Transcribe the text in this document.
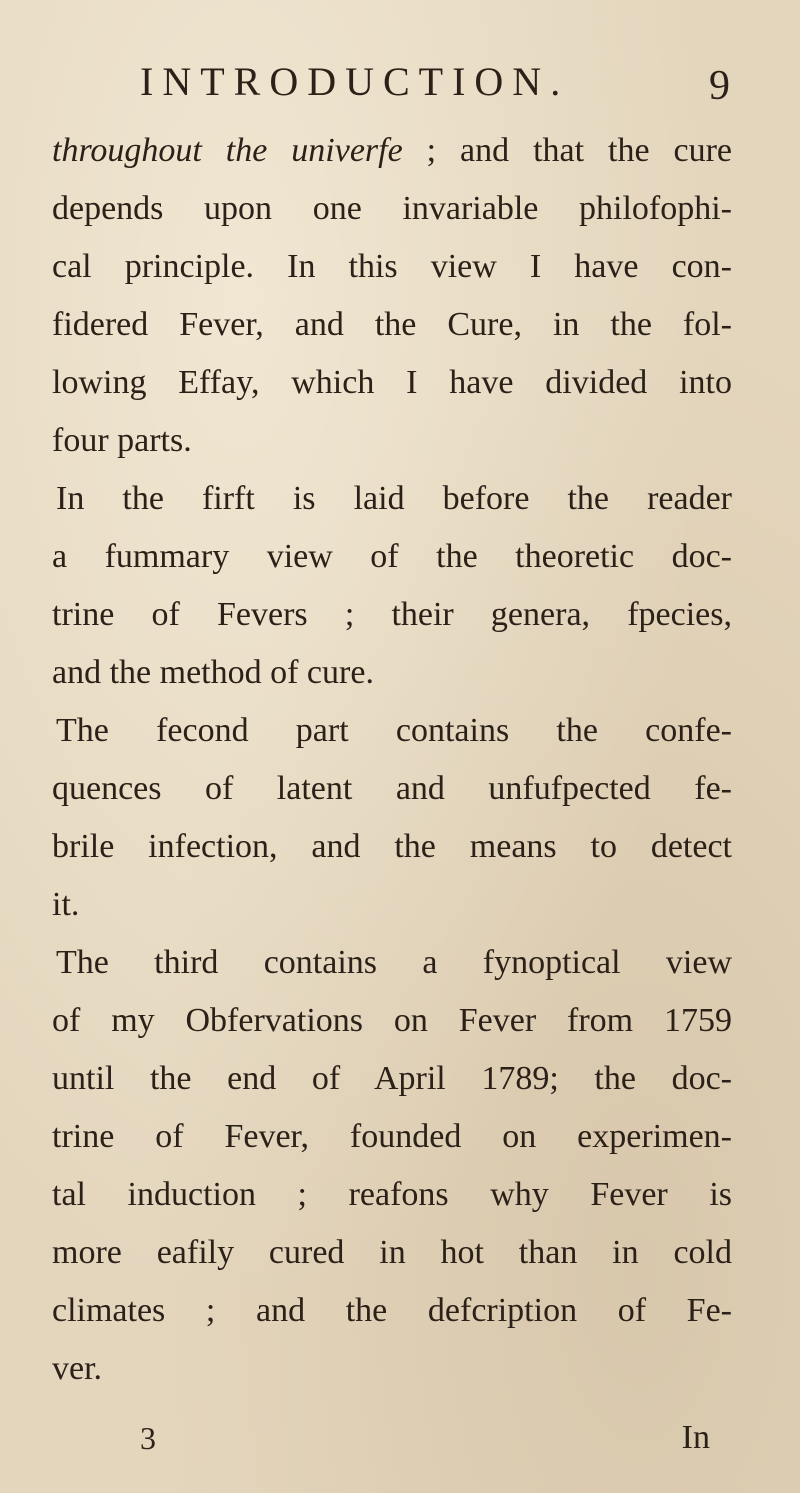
INTRODUCTION.	9
throughout the univerfe ; and that the cure
depends upon one invariable philofophi-
cal principle. In this view I have con-
fidered Fever, and the Cure, in the fol-
lowing Effay, which I have divided into
four parts.
In the firft is laid before the reader
a fummary view of the theoretic doc-
trine of Fevers ; their genera, fpecies,
and the method of cure.
The fecond part contains the confe-
quences of latent and unfufpected fe-
brile infection, and the means to detect
it.
The third contains a fynoptical view
of my Obfervations on Fever from 1759
until the end of April 1789; the doc-
trine of Fever, founded on experimen-
tal induction ; reafons why Fever is
more eafily cured in hot than in cold
climates ; and the defcription of Fe-
ver.
3	In
